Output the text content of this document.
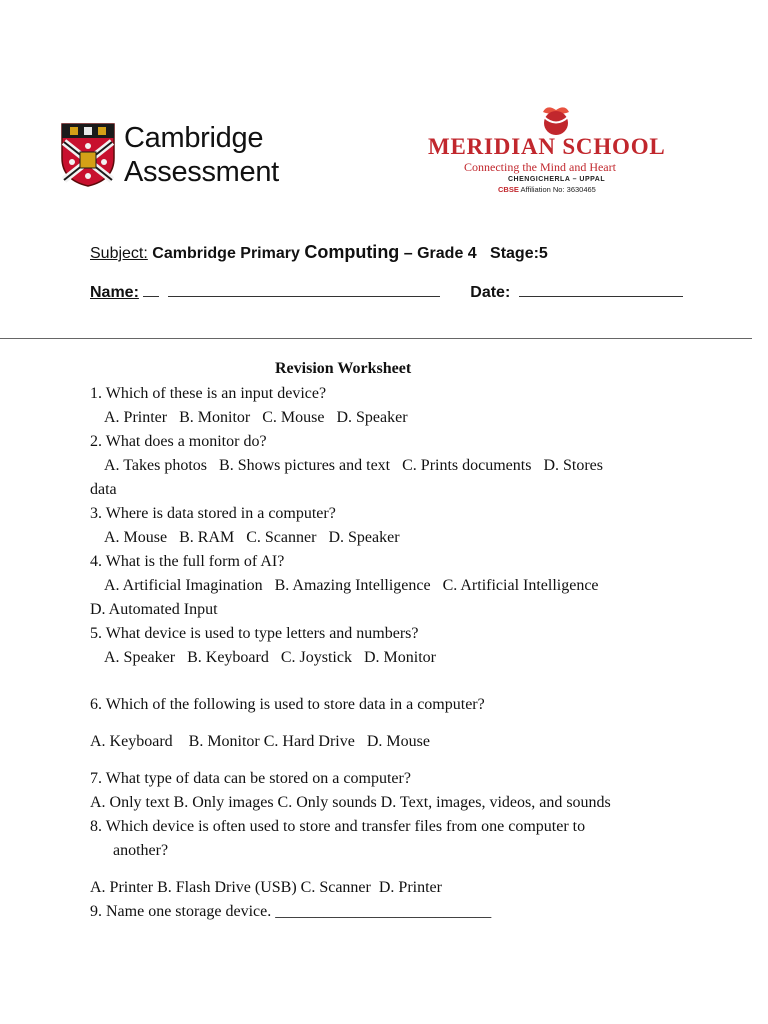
Cambridge
Assessment
MERIDIAN SCHOOL
Connecting the Mind and Heart
CHENGICHERLA – UPPAL
CBSE Affiliation No: 3630465
Subject: Cambridge Primary Computing – Grade 4   Stage:5
Name:	Date:
Revision Worksheet
1. Which of these is an input device?
A. Printer   B. Monitor   C. Mouse   D. Speaker
2. What does a monitor do?
A. Takes photos   B. Shows pictures and text   C. Prints documents   D. Stores
data
3. Where is data stored in a computer?
A. Mouse   B. RAM   C. Scanner   D. Speaker
4. What is the full form of AI?
A. Artificial Imagination   B. Amazing Intelligence   C. Artificial Intelligence
D. Automated Input
5. What device is used to type letters and numbers?
A. Speaker   B. Keyboard   C. Joystick   D. Monitor
6. Which of the following is used to store data in a computer?
A. Keyboard    B. Monitor C. Hard Drive   D. Mouse
7. What type of data can be stored on a computer?
A. Only text B. Only images C. Only sounds D. Text, images, videos, and sounds
8. Which device is often used to store and transfer files from one computer to
another?
A. Printer B. Flash Drive (USB) C. Scanner  D. Printer
9. Name one storage device. ___________________________
